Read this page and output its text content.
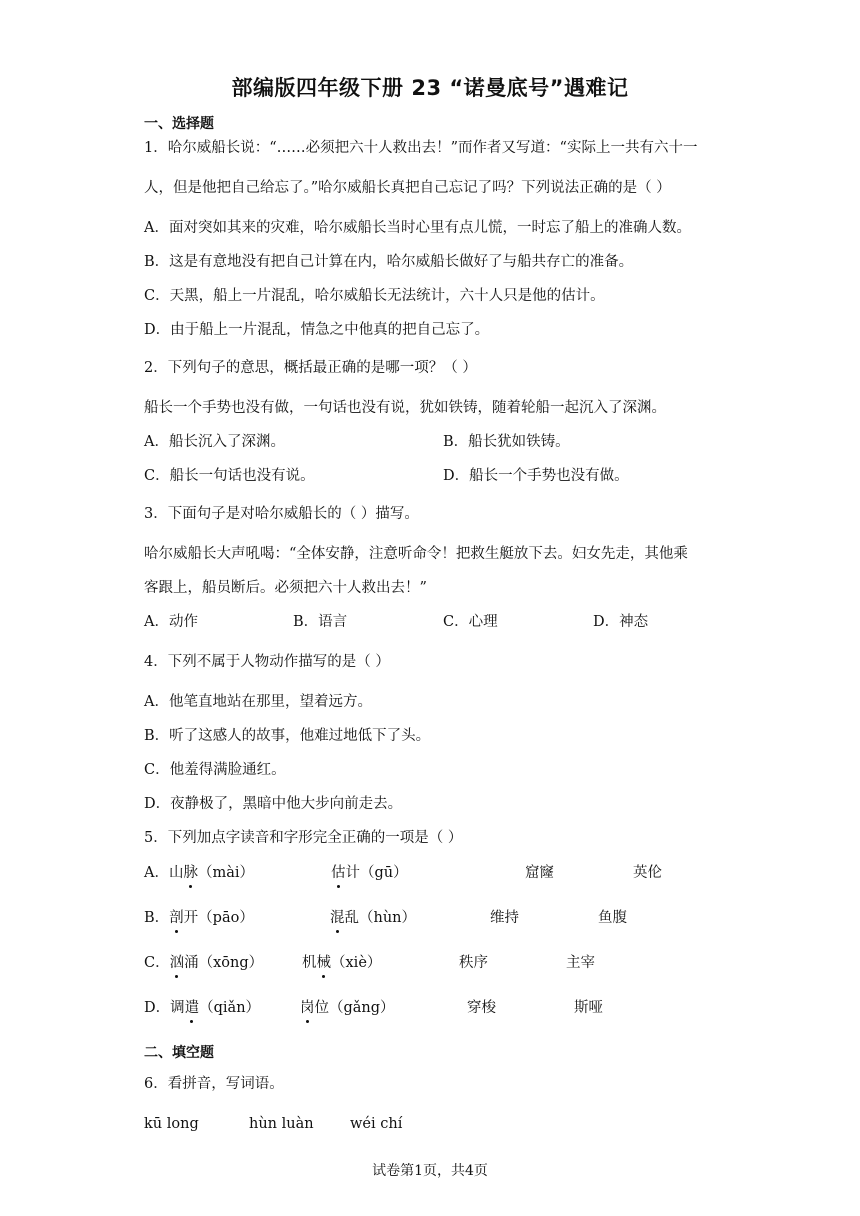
部编版四年级下册 23 “诺曼底号”遇难记
一、选择题
1．哈尔威船长说：“……必须把六十人救出去！”而作者又写道：“实际上一共有六十一
人，但是他把自己给忘了。”哈尔威船长真把自己忘记了吗？下列说法正确的是（ ）
A．面对突如其来的灾难，哈尔威船长当时心里有点儿慌，一时忘了船上的准确人数。
B．这是有意地没有把自己计算在内，哈尔威船长做好了与船共存亡的准备。
C．天黑，船上一片混乱，哈尔威船长无法统计，六十人只是他的估计。
D．由于船上一片混乱，情急之中他真的把自己忘了。
2．下列句子的意思，概括最正确的是哪一项？（ ）
船长一个手势也没有做，一句话也没有说，犹如铁铸，随着轮船一起沉入了深渊。
A．船长沉入了深渊。	B．船长犹如铁铸。
C．船长一句话也没有说。	D．船长一个手势也没有做。
3．下面句子是对哈尔威船长的（ ）描写。
哈尔威船长大声吼喝：“全体安静，注意听命令！把救生艇放下去。妇女先走，其他乘
客跟上，船员断后。必须把六十人救出去！”
A．动作	B．语言	C．心理	D．神态
4．下列不属于人物动作描写的是（ ）
A．他笔直地站在那里，望着远方。
B．听了这感人的故事，他难过地低下了头。
C．他羞得满脸通红。
D．夜静极了，黑暗中他大步向前走去。
5．下列加点字读音和字形完全正确的一项是（ ）
A．山脉（mài）	估计（gū）	窟窿	英伦
B．剖开（pāo）	混乱（hùn）	维持	鱼腹
C．汹涌（xōng）	机械（xiè）	秩序	主宰
D．调遣（qiǎn）	岗位（gǎng）	穿梭	斯哑
二、填空题
6．看拼音，写词语。
kū long	hùn luàn	wéi chí
试卷第1页，共4页
